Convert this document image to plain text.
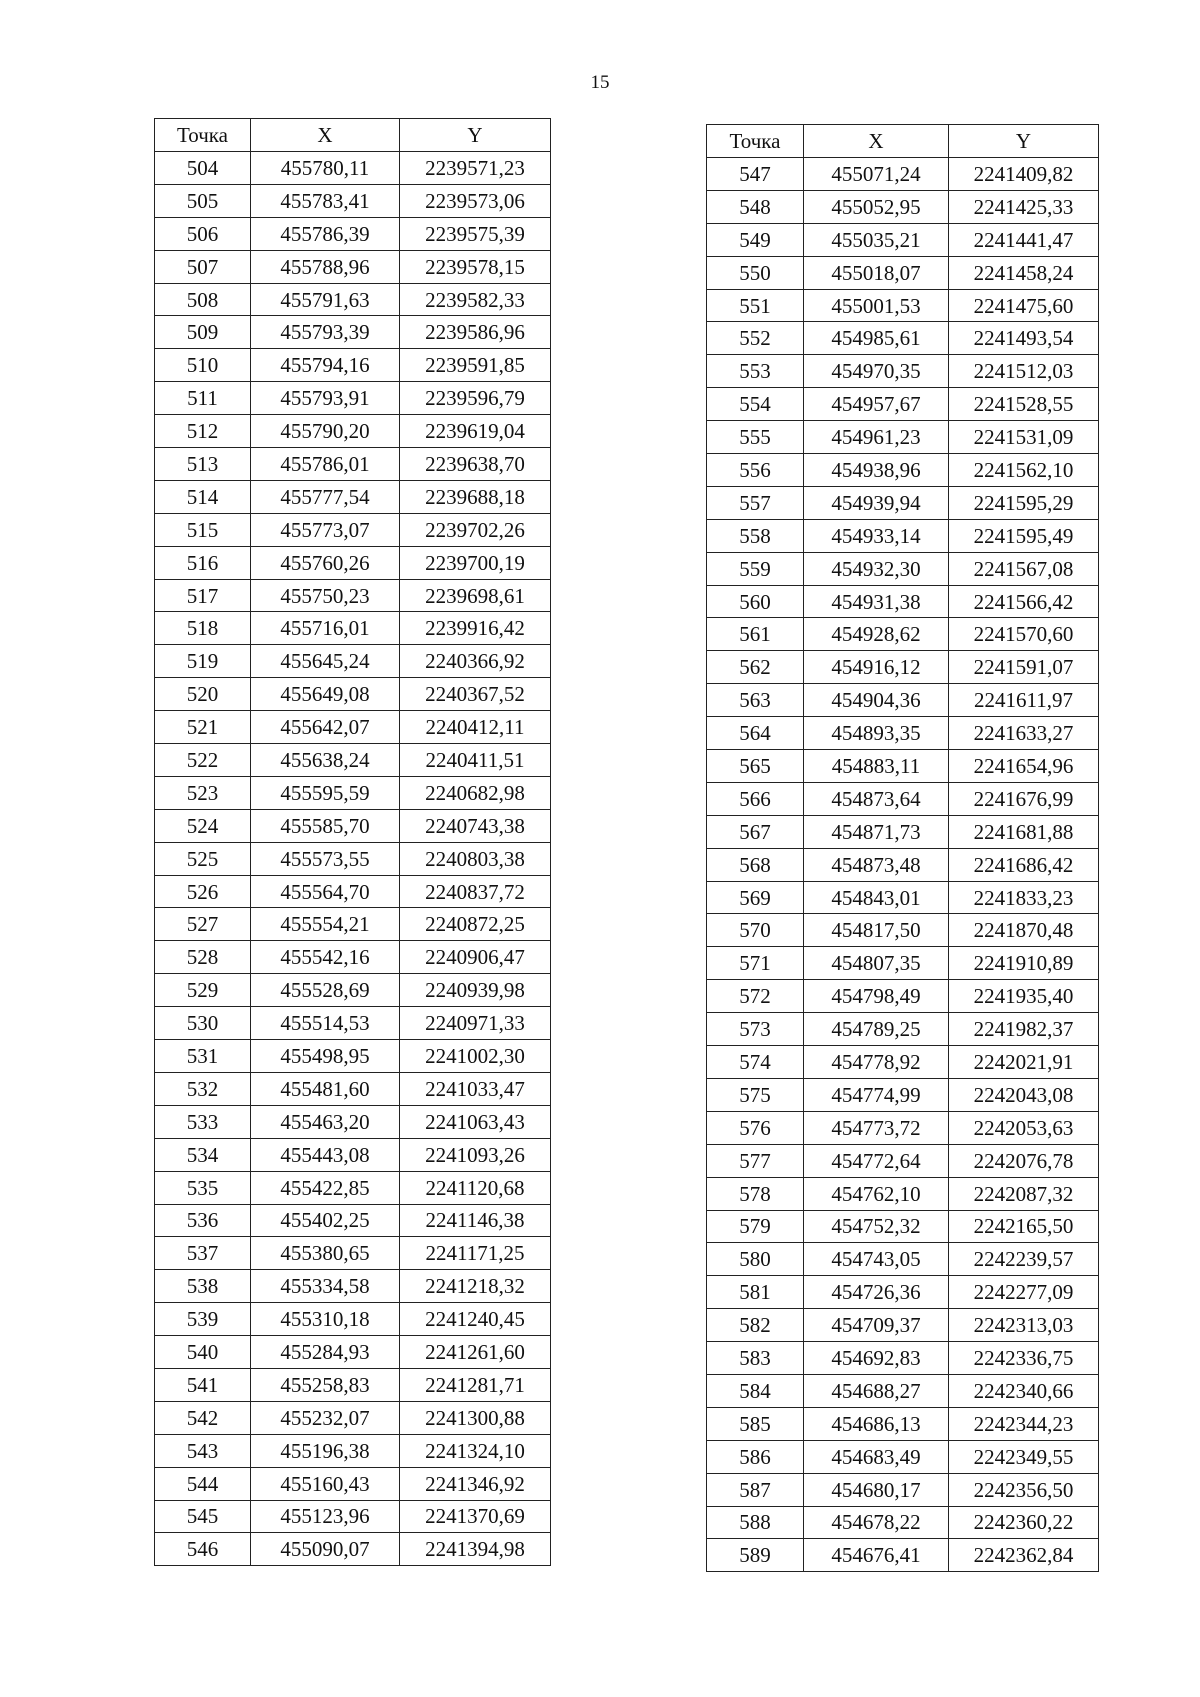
15
Точка	X	Y
504	455780,11	2239571,23
505	455783,41	2239573,06
506	455786,39	2239575,39
507	455788,96	2239578,15
508	455791,63	2239582,33
509	455793,39	2239586,96
510	455794,16	2239591,85
511	455793,91	2239596,79
512	455790,20	2239619,04
513	455786,01	2239638,70
514	455777,54	2239688,18
515	455773,07	2239702,26
516	455760,26	2239700,19
517	455750,23	2239698,61
518	455716,01	2239916,42
519	455645,24	2240366,92
520	455649,08	2240367,52
521	455642,07	2240412,11
522	455638,24	2240411,51
523	455595,59	2240682,98
524	455585,70	2240743,38
525	455573,55	2240803,38
526	455564,70	2240837,72
527	455554,21	2240872,25
528	455542,16	2240906,47
529	455528,69	2240939,98
530	455514,53	2240971,33
531	455498,95	2241002,30
532	455481,60	2241033,47
533	455463,20	2241063,43
534	455443,08	2241093,26
535	455422,85	2241120,68
536	455402,25	2241146,38
537	455380,65	2241171,25
538	455334,58	2241218,32
539	455310,18	2241240,45
540	455284,93	2241261,60
541	455258,83	2241281,71
542	455232,07	2241300,88
543	455196,38	2241324,10
544	455160,43	2241346,92
545	455123,96	2241370,69
546	455090,07	2241394,98
Точка	X	Y
547	455071,24	2241409,82
548	455052,95	2241425,33
549	455035,21	2241441,47
550	455018,07	2241458,24
551	455001,53	2241475,60
552	454985,61	2241493,54
553	454970,35	2241512,03
554	454957,67	2241528,55
555	454961,23	2241531,09
556	454938,96	2241562,10
557	454939,94	2241595,29
558	454933,14	2241595,49
559	454932,30	2241567,08
560	454931,38	2241566,42
561	454928,62	2241570,60
562	454916,12	2241591,07
563	454904,36	2241611,97
564	454893,35	2241633,27
565	454883,11	2241654,96
566	454873,64	2241676,99
567	454871,73	2241681,88
568	454873,48	2241686,42
569	454843,01	2241833,23
570	454817,50	2241870,48
571	454807,35	2241910,89
572	454798,49	2241935,40
573	454789,25	2241982,37
574	454778,92	2242021,91
575	454774,99	2242043,08
576	454773,72	2242053,63
577	454772,64	2242076,78
578	454762,10	2242087,32
579	454752,32	2242165,50
580	454743,05	2242239,57
581	454726,36	2242277,09
582	454709,37	2242313,03
583	454692,83	2242336,75
584	454688,27	2242340,66
585	454686,13	2242344,23
586	454683,49	2242349,55
587	454680,17	2242356,50
588	454678,22	2242360,22
589	454676,41	2242362,84
